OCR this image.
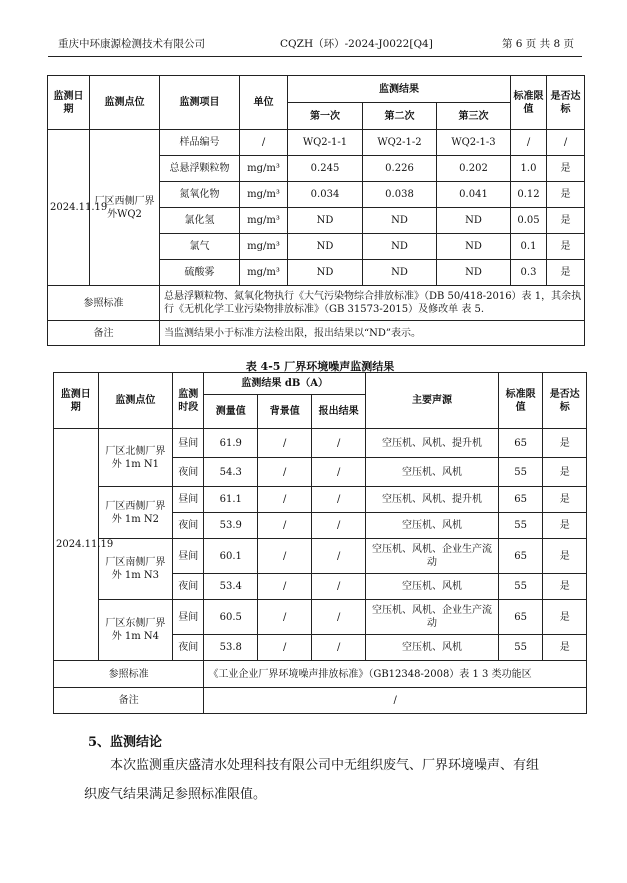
重庆中环康源检测技术有限公司	CQZH（环）-2024-J0022[Q4]	第 6 页 共 8 页
监测日期	监测点位	监测项目	单位	监测结果			标准限值	是否达标
				第一次	第二次	第三次		
2024.11.19	厂区西侧厂界外WQ2	样品编号	/	WQ2-1-1	WQ2-1-2	WQ2-1-3	/	/
		总悬浮颗粒物	mg/m³	0.245	0.226	0.202	1.0	是
		氮氧化物	mg/m³	0.034	0.038	0.041	0.12	是
		氯化氢	mg/m³	ND	ND	ND	0.05	是
		氯气	mg/m³	ND	ND	ND	0.1	是
		硫酸雾	mg/m³	ND	ND	ND	0.3	是
参照标准		总悬浮颗粒物、氮氧化物执行《大气污染物综合排放标准》（DB 50/418-2016）表 1，其余执行《无机化学工业污染物排放标准》（GB 31573-2015）及修改单 表 5.						
备注		当监测结果小于标准方法检出限，报出结果以“ND”表示。						
表 4-5 厂界环境噪声监测结果
监测日期	监测点位	监测时段	监测结果 dB（A）			主要声源	标准限值	是否达标
			测量值	背景值	报出结果			
2024.11.19	厂区北侧厂界外 1m N1	昼间	61.9	/	/	空压机、风机、提升机	65	是
		夜间	54.3	/	/	空压机、风机	55	是
	厂区西侧厂界外 1m N2	昼间	61.1	/	/	空压机、风机、提升机	65	是
		夜间	53.9	/	/	空压机、风机	55	是
	厂区南侧厂界外 1m N3	昼间	60.1	/	/	空压机、风机、企业生产流动	65	是
		夜间	53.4	/	/	空压机、风机	55	是
	厂区东侧厂界外 1m N4	昼间	60.5	/	/	空压机、风机、企业生产流动	65	是
		夜间	53.8	/	/	空压机、风机	55	是
参照标准			《工业企业厂界环境噪声排放标准》（GB12348-2008）表 1 3 类功能区					
备注			/					
5、监测结论
本次监测重庆盛清水处理科技有限公司中无组织废气、厂界环境噪声、有组织废气结果满足参照标准限值。
